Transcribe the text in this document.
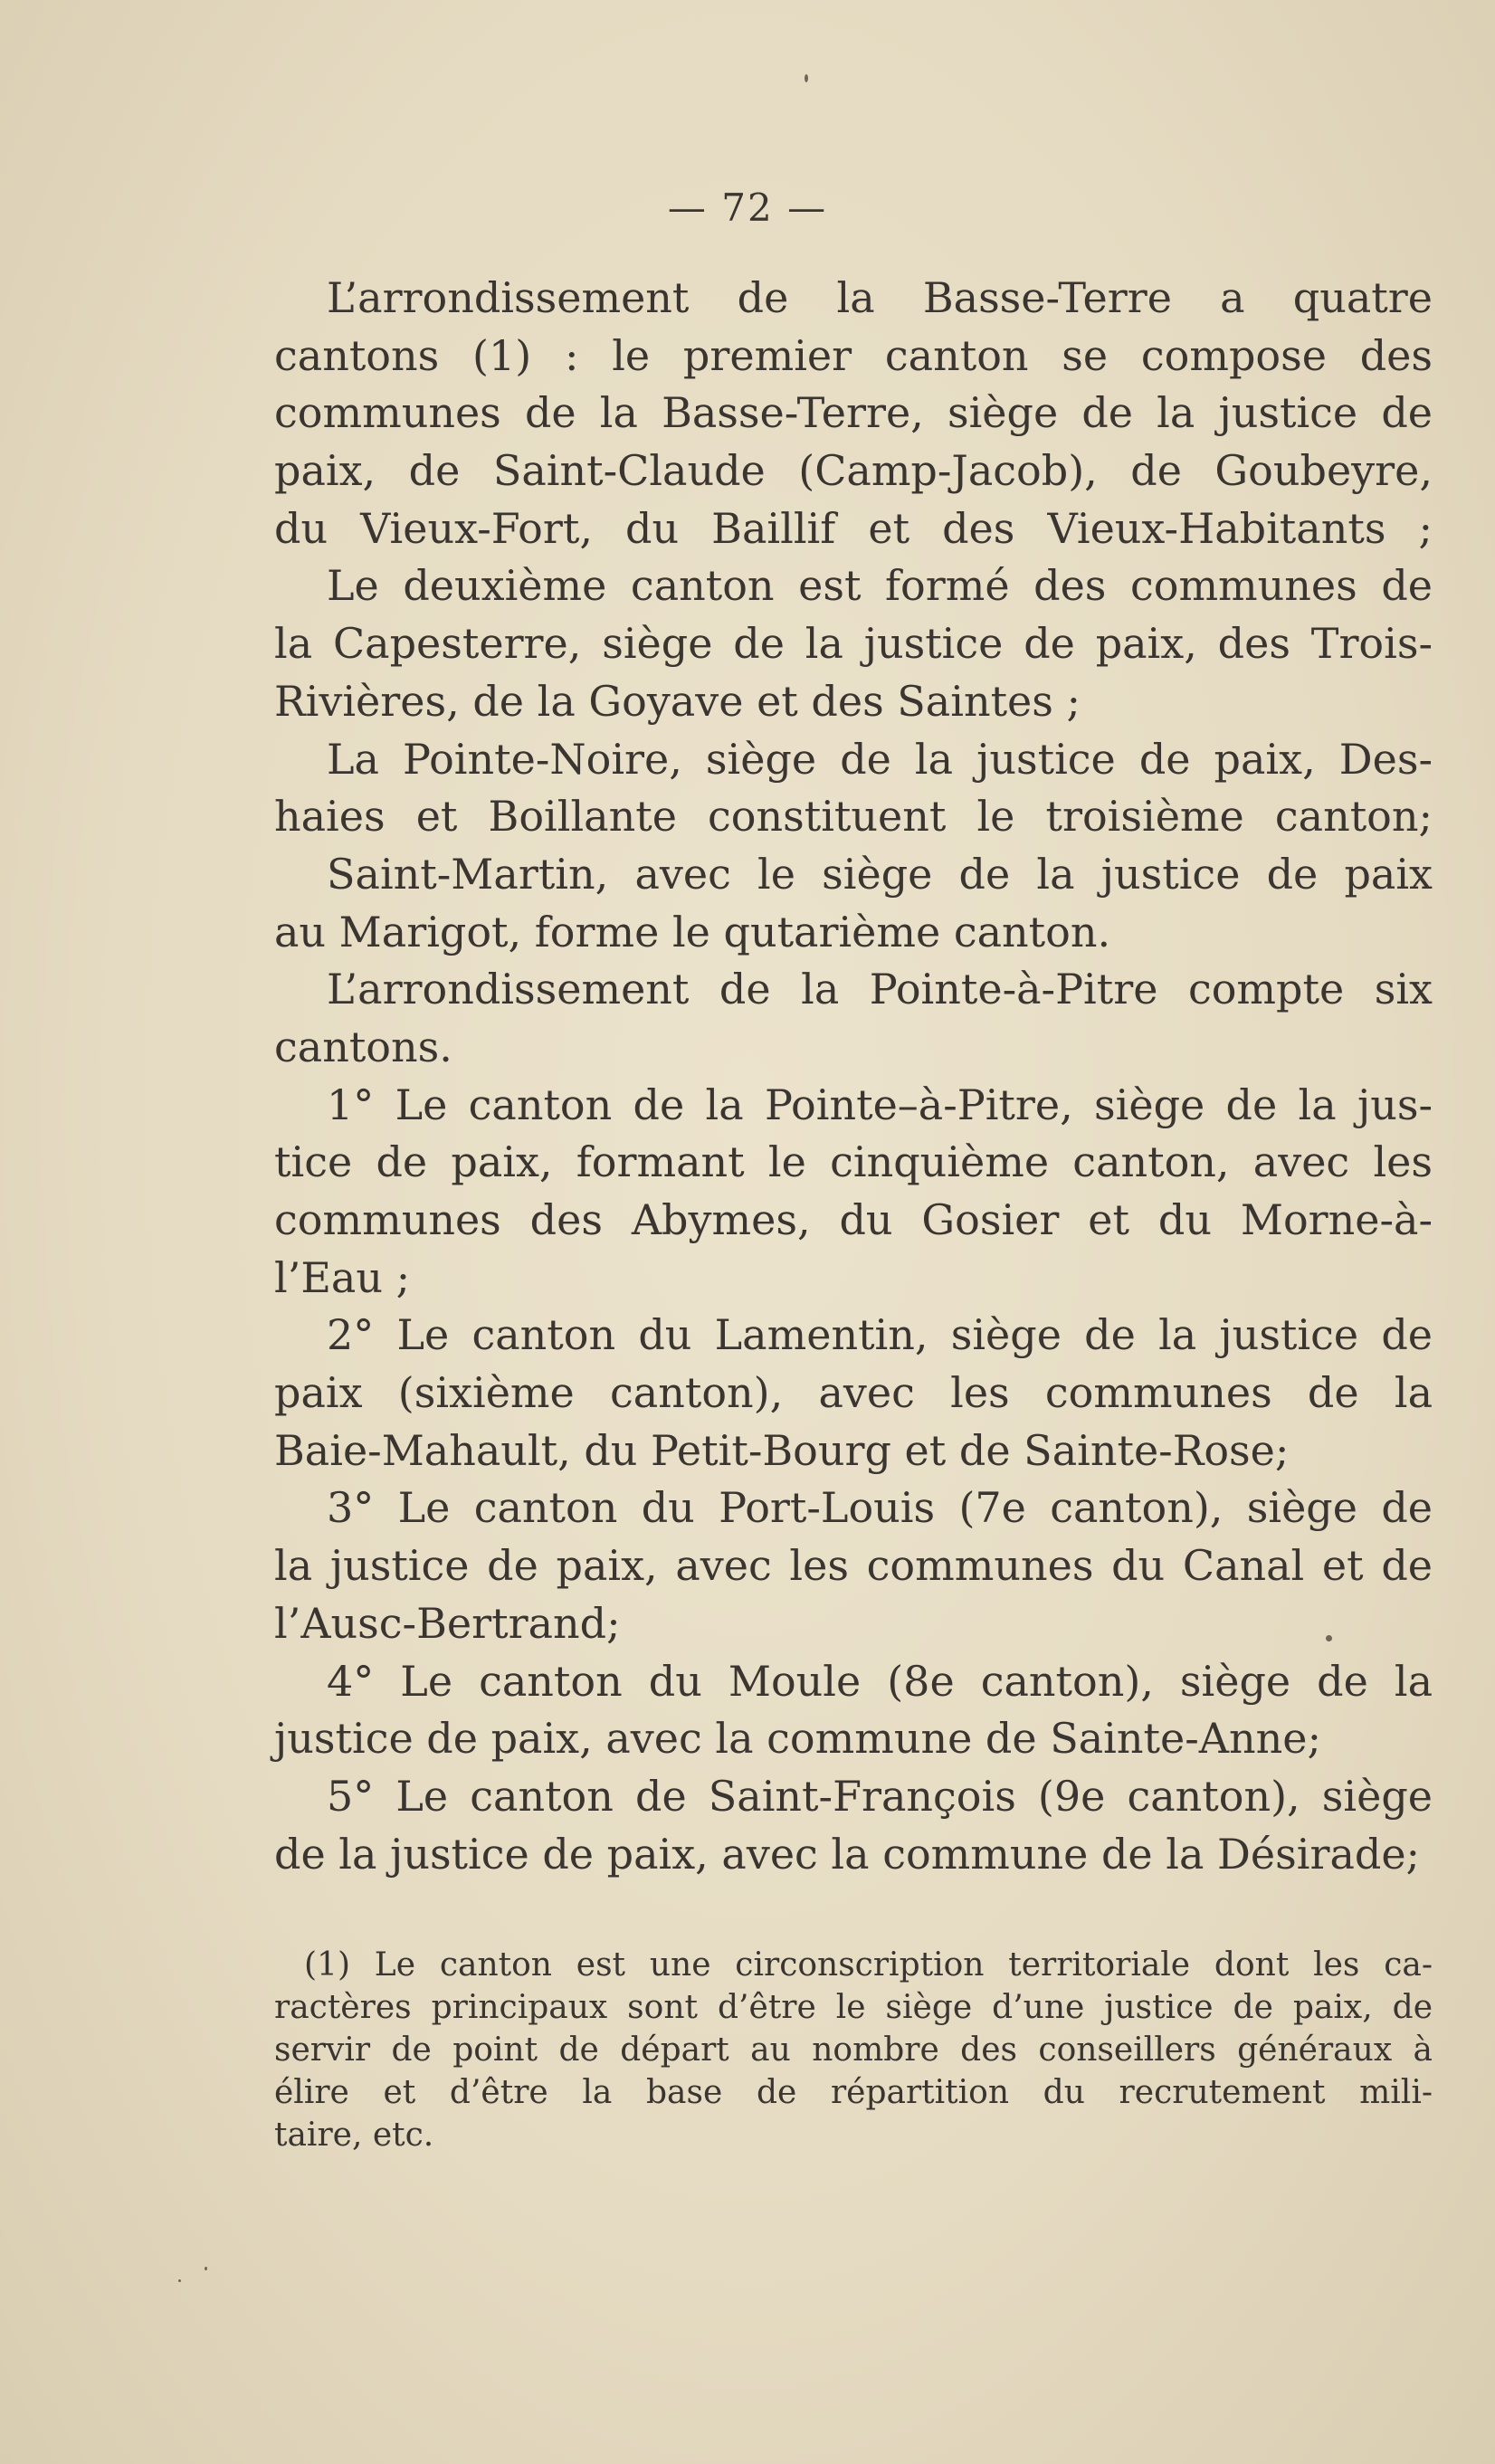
— 72 —
L’arrondissement de la Basse-Terre a quatre
cantons (1) : le premier canton se compose des
communes de la Basse-Terre, siège de la justice de
paix, de Saint-Claude (Camp-Jacob), de Goubeyre,
du Vieux-Fort, du Baillif et des Vieux-Habitants ;
Le deuxième canton est formé des communes de
la Capesterre, siège de la justice de paix, des Trois-
Rivières, de la Goyave et des Saintes ;
La Pointe-Noire, siège de la justice de paix, Des-
haies et Boillante constituent le troisième canton;
Saint-Martin, avec le siège de la justice de paix
au Marigot, forme le qutarième canton.
L’arrondissement de la Pointe-à-Pitre compte six
cantons.
1° Le canton de la Pointe–à-Pitre, siège de la jus-
tice de paix, formant le cinquième canton, avec les
communes des Abymes, du Gosier et du Morne-à-
l’Eau ;
2° Le canton du Lamentin, siège de la justice de
paix (sixième canton), avec les communes de la
Baie-Mahault, du Petit-Bourg et de Sainte-Rose;
3° Le canton du Port-Louis (7e canton), siège de
la justice de paix, avec les communes du Canal et de
l’Ausc-Bertrand;
4° Le canton du Moule (8e canton), siège de la
justice de paix, avec la commune de Sainte-Anne;
5° Le canton de Saint-François (9e canton), siège
de la justice de paix, avec la commune de la Désirade;
(1) Le canton est une circonscription territoriale dont les ca-
ractères principaux sont d’être le siège d’une justice de paix, de
servir de point de départ au nombre des conseillers généraux à
élire et d’être la base de répartition du recrutement mili-
taire, etc.
